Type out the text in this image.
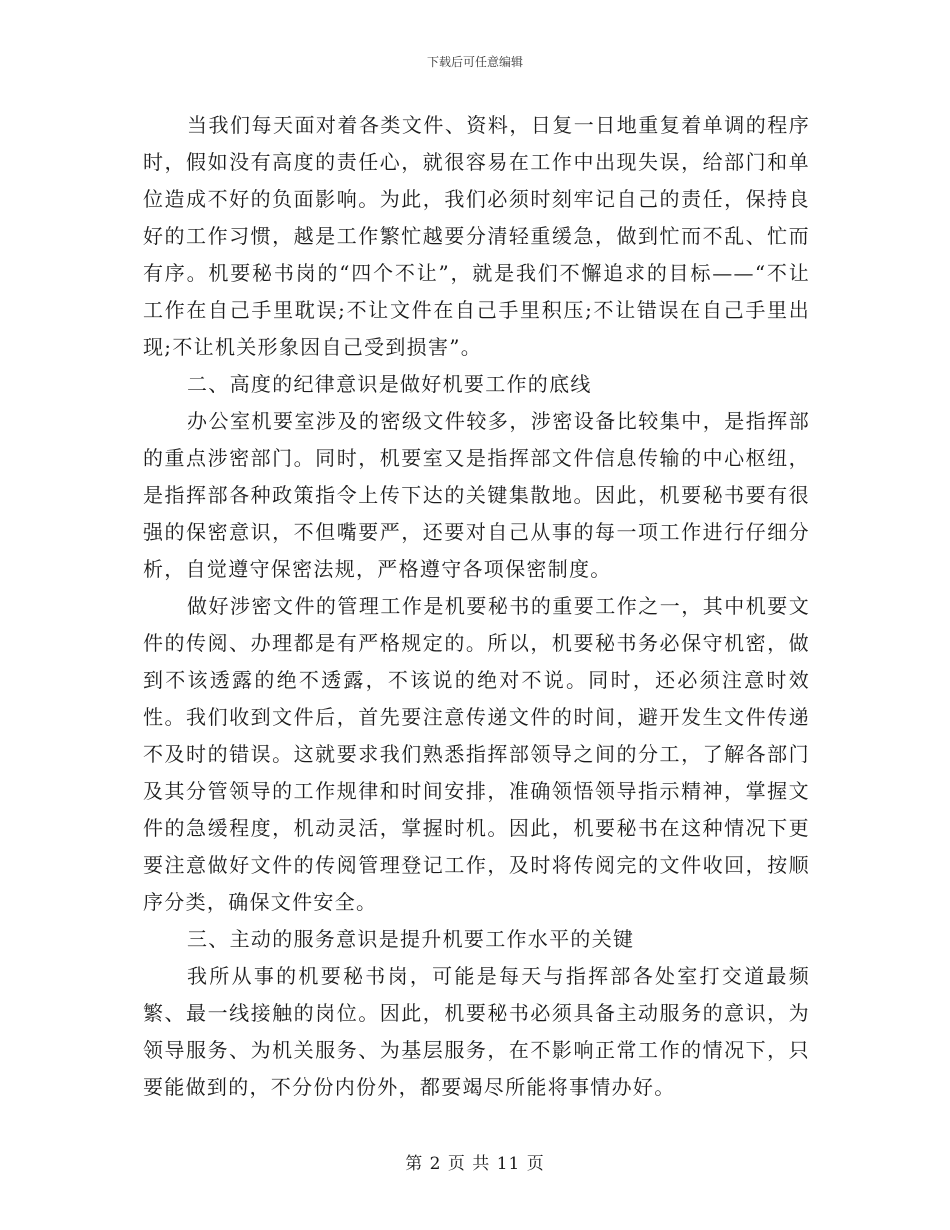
下载后可任意编辑

当我们每天面对着各类文件、资料，日复一日地重复着单调的程序时，假如没有高度的责任心，就很容易在工作中出现失误，给部门和单位造成不好的负面影响。为此，我们必须时刻牢记自己的责任，保持良好的工作习惯，越是工作繁忙越要分清轻重缓急，做到忙而不乱、忙而有序。机要秘书岗的“四个不让”，就是我们不懈追求的目标——“不让工作在自己手里耽误;不让文件在自己手里积压;不让错误在自己手里出现;不让机关形象因自己受到损害”。

二、高度的纪律意识是做好机要工作的底线

办公室机要室涉及的密级文件较多，涉密设备比较集中，是指挥部的重点涉密部门。同时，机要室又是指挥部文件信息传输的中心枢纽，是指挥部各种政策指令上传下达的关键集散地。因此，机要秘书要有很强的保密意识，不但嘴要严，还要对自己从事的每一项工作进行仔细分析，自觉遵守保密法规，严格遵守各项保密制度。

做好涉密文件的管理工作是机要秘书的重要工作之一，其中机要文件的传阅、办理都是有严格规定的。所以，机要秘书务必保守机密，做到不该透露的绝不透露，不该说的绝对不说。同时，还必须注意时效性。我们收到文件后，首先要注意传递文件的时间，避开发生文件传递不及时的错误。这就要求我们熟悉指挥部领导之间的分工，了解各部门及其分管领导的工作规律和时间安排，准确领悟领导指示精神，掌握文件的急缓程度，机动灵活，掌握时机。因此，机要秘书在这种情况下更要注意做好文件的传阅管理登记工作，及时将传阅完的文件收回，按顺序分类，确保文件安全。

三、主动的服务意识是提升机要工作水平的关键

我所从事的机要秘书岗，可能是每天与指挥部各处室打交道最频繁、最一线接触的岗位。因此，机要秘书必须具备主动服务的意识，为领导服务、为机关服务、为基层服务，在不影响正常工作的情况下，只要能做到的，不分份内份外，都要竭尽所能将事情办好。

第 2 页 共 11 页
